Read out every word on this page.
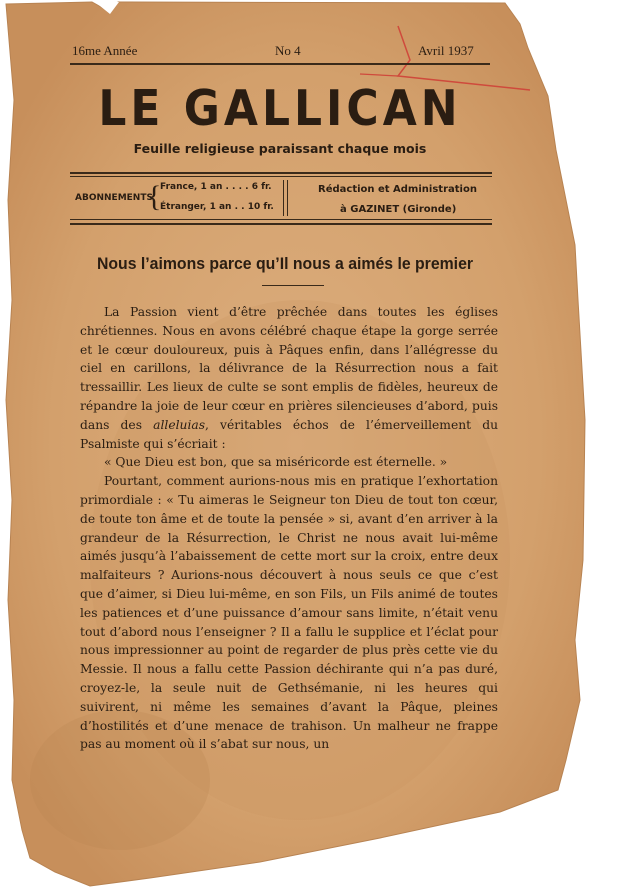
16me Année	No 4	Avril 1937
LE GALLICAN
Feuille religieuse paraissant chaque mois
ABONNEMENTS
{
France, 1 an . . . . 6 fr.
Étranger, 1 an . . 10 fr.
Rédaction et Administration
à GAZINET (Gironde)
Nous l’aimons parce qu’Il nous a aimés le premier

La Passion vient d’être prêchée dans toutes les églises chrétiennes. Nous en avons célébré chaque étape la gorge serrée et le cœur douloureux, puis à Pâques enfin, dans l’allégresse du ciel en carillons, la délivrance de la Résurrection nous a fait tressaillir. Les lieux de culte se sont emplis de fidèles, heureux de répandre la joie de leur cœur en prières silencieuses d’abord, puis dans des alleluias, véritables échos de l’émerveillement du Psalmiste qui s’écriait :

« Que Dieu est bon, que sa miséricorde est éternelle. »

Pourtant, comment aurions-nous mis en pratique l’exhortation primordiale : « Tu aimeras le Seigneur ton Dieu de tout ton cœur, de toute ton âme et de toute la pensée » si, avant d’en arriver à la grandeur de la Résurrection, le Christ ne nous avait lui-même aimés jusqu’à l’abaissement de cette mort sur la croix, entre deux malfaiteurs ? Aurions-nous découvert à nous seuls ce que c’est que d’aimer, si Dieu lui-même, en son Fils, un Fils animé de toutes les patiences et d’une puissance d’amour sans limite, n’était venu tout d’abord nous l’enseigner ? Il a fallu le supplice et l’éclat pour nous impressionner au point de regarder de plus près cette vie du Messie. Il nous a fallu cette Passion déchirante qui n’a pas duré, croyez-le, la seule nuit de Gethsémanie, ni les heures qui suivirent, ni même les semaines d’avant la Pâque, pleines d’hostilités et d’une menace de trahison. Un malheur ne frappe pas au moment où il s’abat sur nous, un
